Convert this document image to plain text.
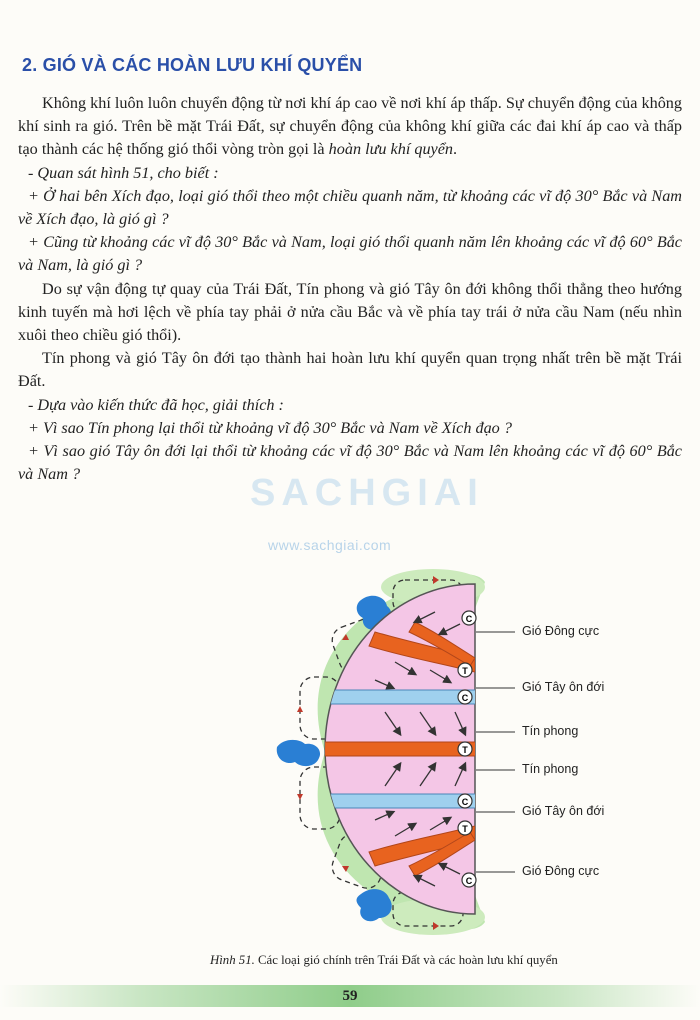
2. GIÓ VÀ CÁC HOÀN LƯU KHÍ QUYỂN

Không khí luôn luôn chuyển động từ nơi khí áp cao về nơi khí áp thấp. Sự chuyển động của không khí sinh ra gió. Trên bề mặt Trái Đất, sự chuyển động của không khí giữa các đai khí áp cao và thấp tạo thành các hệ thống gió thổi vòng tròn gọi là hoàn lưu khí quyển.

- Quan sát hình 51, cho biết :

+ Ở hai bên Xích đạo, loại gió thổi theo một chiều quanh năm, từ khoảng các vĩ độ 30° Bắc và Nam về Xích đạo, là gió gì ?

+ Cũng từ khoảng các vĩ độ 30° Bắc và Nam, loại gió thổi quanh năm lên khoảng các vĩ độ 60° Bắc và Nam, là gió gì ?

Do sự vận động tự quay của Trái Đất, Tín phong và gió Tây ôn đới không thổi thẳng theo hướng kinh tuyến mà hơi lệch về phía tay phải ở nửa cầu Bắc và về phía tay trái ở nửa cầu Nam (nếu nhìn xuôi theo chiều gió thổi).

Tín phong và gió Tây ôn đới tạo thành hai hoàn lưu khí quyển quan trọng nhất trên bề mặt Trái Đất.

- Dựa vào kiến thức đã học, giải thích :

+ Vì sao Tín phong lại thổi từ khoảng vĩ độ 30° Bắc và Nam về Xích đạo ?

+ Vì sao gió Tây ôn đới lại thổi từ khoảng các vĩ độ 30° Bắc và Nam lên khoảng các vĩ độ 60° Bắc và Nam ?	SACHGIAI
www.sachgiai.com
C
T
C
T
C
T
C
Gió Đông cực
Gió Tây ôn đới
Tín phong
Tín phong
Gió Tây ôn đới
Gió Đông cực
Hình 51. Các loại gió chính trên Trái Đất và các hoàn lưu khí quyển
59
